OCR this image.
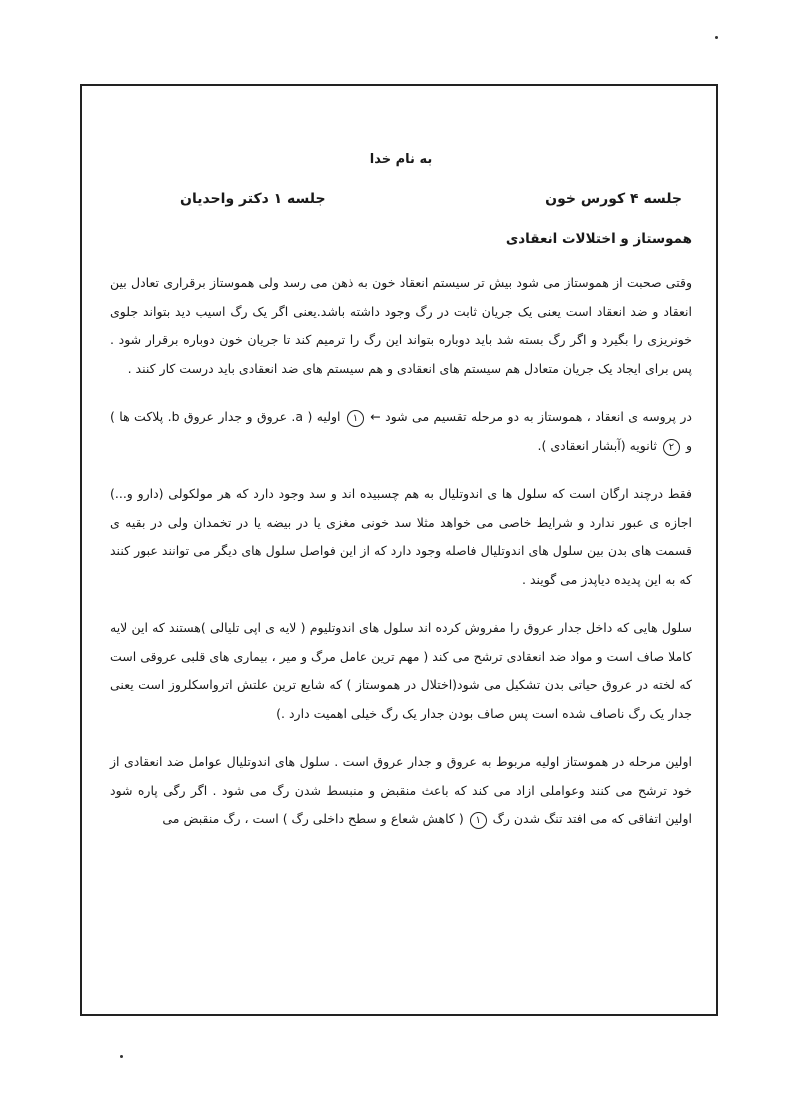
به نام خدا
جلسه ۴ کورس خون
جلسه ۱ دکتر واحدیان
هموستاز و اختلالات انعقادی

وقتی صحبت از هموستاز می شود بیش تر سیستم انعقاد خون به ذهن می رسد ولی هموستاز برقراری تعادل بین انعقاد و ضد انعقاد است یعنی یک جریان ثابت در رگ وجود داشته باشد.یعنی اگر یک رگ اسیب دید بتواند جلوی خونریزی را بگیرد و اگر رگ بسته شد باید دوباره بتواند این رگ را ترمیم کند تا جریان خون دوباره برقرار شود . پس برای ایجاد یک جریان متعادل هم سیستم های انعقادی و هم سیستم های ضد انعقادی باید درست کار کنند .

در پروسه ی انعقاد ، هموستاز به دو مرحله تقسیم می شود ← ۱ اولیه ( a. عروق و جدار عروق b. پلاکت ها ) و ۲ ثانویه (آبشار انعقادی ).

فقط درچند ارگان است که سلول ها ی اندوتلیال به هم چسبیده اند و سد وجود دارد که هر مولکولی (دارو و...) اجازه ی عبور ندارد و شرایط خاصی می خواهد مثلا سد خونی مغزی یا در بیضه یا در تخمدان ولی در بقیه ی قسمت های بدن بین سلول های اندوتلیال فاصله وجود دارد که از این فواصل سلول های دیگر می توانند عبور کنند که به این پدیده دیاپدز می گویند .

سلول هایی که داخل جدار عروق را مفروش کرده اند سلول های اندوتلیوم ( لایه ی اپی تلیالی )هستند که این لایه کاملا صاف است و مواد ضد انعقادی ترشح می کند ( مهم ترین عامل مرگ و میر ، بیماری های قلبی عروقی است که لخته در عروق حیاتی بدن تشکیل می شود(اختلال در هموستاز ) که شایع ترین علتش اترواسکلروز است یعنی جدار یک رگ ناصاف شده است پس صاف بودن جدار یک رگ خیلی اهمیت دارد .)

اولین مرحله در هموستاز اولیه مربوط به عروق و جدار عروق است . سلول های اندوتلیال عوامل ضد انعقادی از خود ترشح می کنند وعواملی ازاد می کند که باعث منقبض و منبسط شدن رگ می شود . اگر رگی پاره شود اولین اتفاقی که می افتد تنگ شدن رگ ۱ ( کاهش شعاع و سطح داخلی رگ ) است ، رگ منقبض می
